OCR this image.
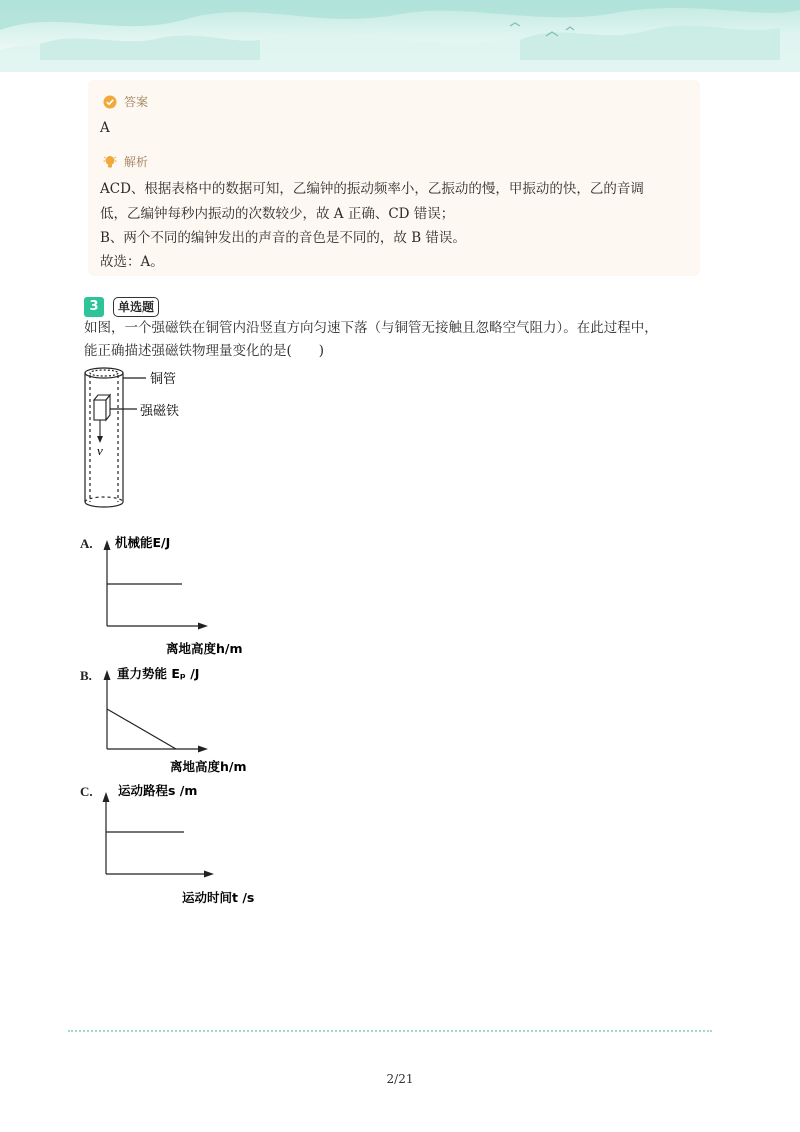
答案
A
解析
ACD、根据表格中的数据可知，乙编钟的振动频率小，乙振动的慢，甲振动的快，乙的音调
低，乙编钟每秒内振动的次数较少，故 A 正确、CD 错误；
B、两个不同的编钟发出的声音的音色是不同的，故 B 错误。
故选：A。
3	单选题
如图，一个强磁铁在铜管内沿竖直方向匀速下落（与铜管无接触且忽略空气阻力）。在此过程中，
能正确描述强磁铁物理量变化的是(　　)
v
铜管
强磁铁
A. 机械能E/J
离地高度h/m
B. 重力势能 Eₚ /J
离地高度h/m
C. 运动路程s /m
运动时间t /s
2/21
